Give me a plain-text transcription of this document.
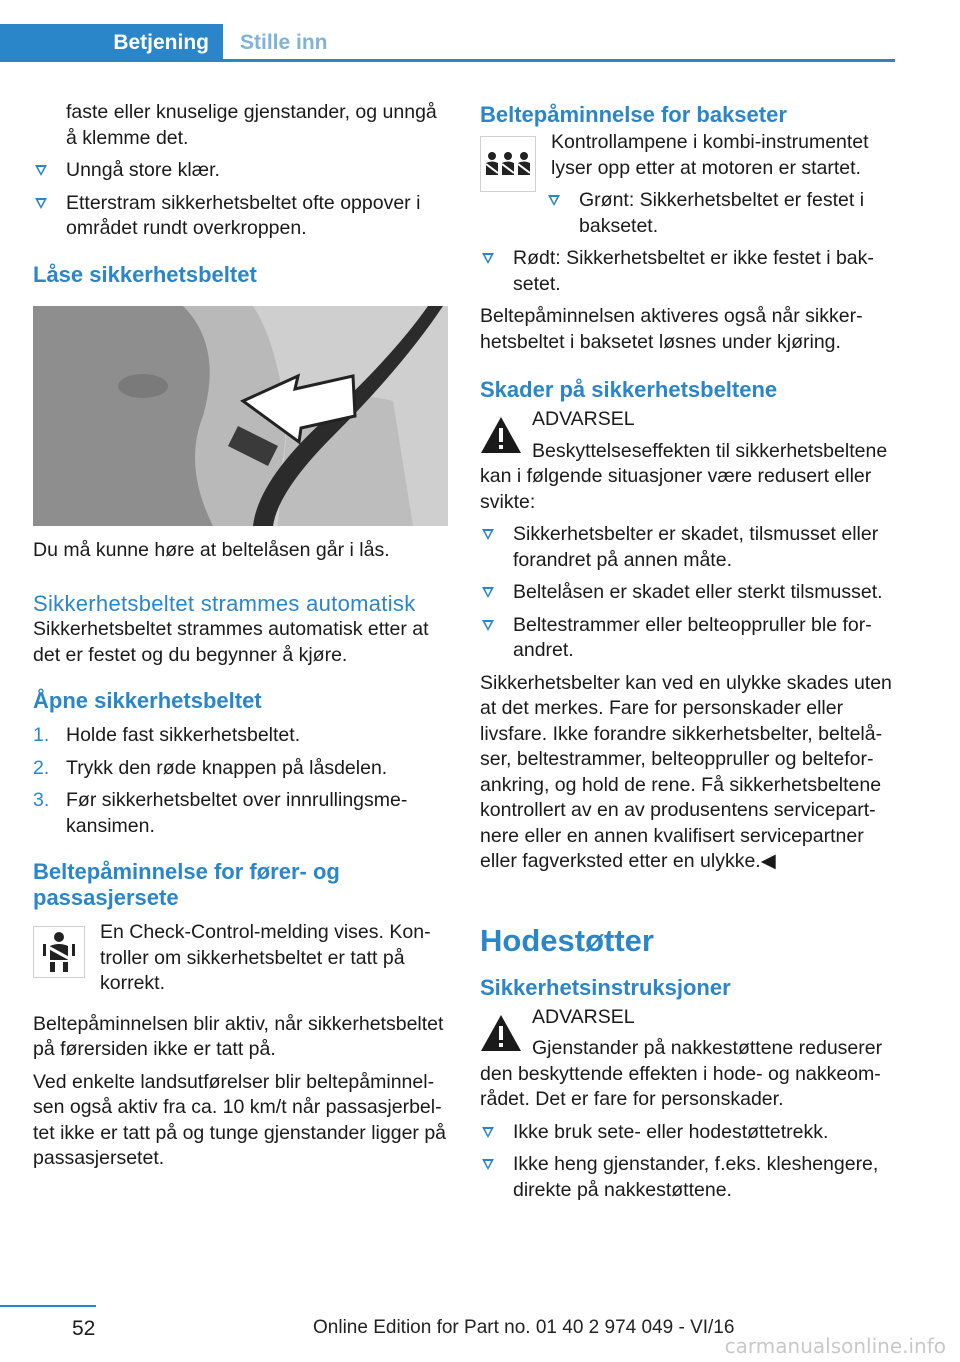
Betjening	Stille inn

faste eller knuselige gjenstander, og unngå å klemme det.

Unngå store klær.
Etterstram sikkerhetsbeltet ofte oppover i området rundt overkroppen.
Låse sikkerhetsbeltet

Du må kunne høre at beltelåsen går i lås.

Sikkerhetsbeltet strammes automatisk

Sikkerhetsbeltet strammes automatisk etter at det er festet og du begynner å kjøre.

Åpne sikkerhetsbeltet
1. Holde fast sikkerhetsbeltet.
2. Trykk den røde knappen på låsdelen.
3. Før sikkerhetsbeltet over innrullingsmekansimen.
Beltepåminnelse for fører- og passasjersete

En Check-Control-melding vises. Kontroller om sikkerhetsbeltet er tatt på korrekt.

Beltepåminnelsen blir aktiv, når sikkerhetsbeltet på førersiden ikke er tatt på.

Ved enkelte landsutførelser blir beltepåminnelsen også aktiv fra ca. 10 km/t når passasjerbeltet ikke er tatt på og tunge gjenstander ligger på passasjersetet.

Beltepåminnelse for bakseter

Kontrollampene i kombi-instrumentet lyser opp etter at motoren er startet.

Grønt: Sikkerhetsbeltet er festet i baksetet.
Rødt: Sikkerhetsbeltet er ikke festet i baksetet.

Beltepåminnelsen aktiveres også når sikkerhetsbeltet i baksetet løsnes under kjøring.

Skader på sikkerhetsbeltene

ADVARSEL

Beskyttelseseffekten til sikkerhetsbeltene kan i følgende situasjoner være redusert eller svikte:

Sikkerhetsbelter er skadet, tilsmusset eller forandret på annen måte.
Beltelåsen er skadet eller sterkt tilsmusset.
Beltestrammer eller belteoppruller ble forandret.

Sikkerhetsbelter kan ved en ulykke skades uten at det merkes. Fare for personskader eller livsfare. Ikke forandre sikkerhetsbelter, beltelåser, beltestrammer, belteoppruller og belteforankring, og hold de rene. Få sikkerhetsbeltene kontrollert av en av produsentens servicepartnere eller en annen kvalifisert servicepartner eller fagverksted etter en ulykke.◀

Hodestøtter
Sikkerhetsinstruksjoner

ADVARSEL

Gjenstander på nakkestøttene reduserer den beskyttende effekten i hode- og nakkeområdet. Det er fare for personskader.

Ikke bruk sete- eller hodestøttetrekk.
Ikke heng gjenstander, f.eks. kleshengere, direkte på nakkestøttene.
52	Online Edition for Part no. 01 40 2 974 049 - VI/16
carmanualsonline.info
